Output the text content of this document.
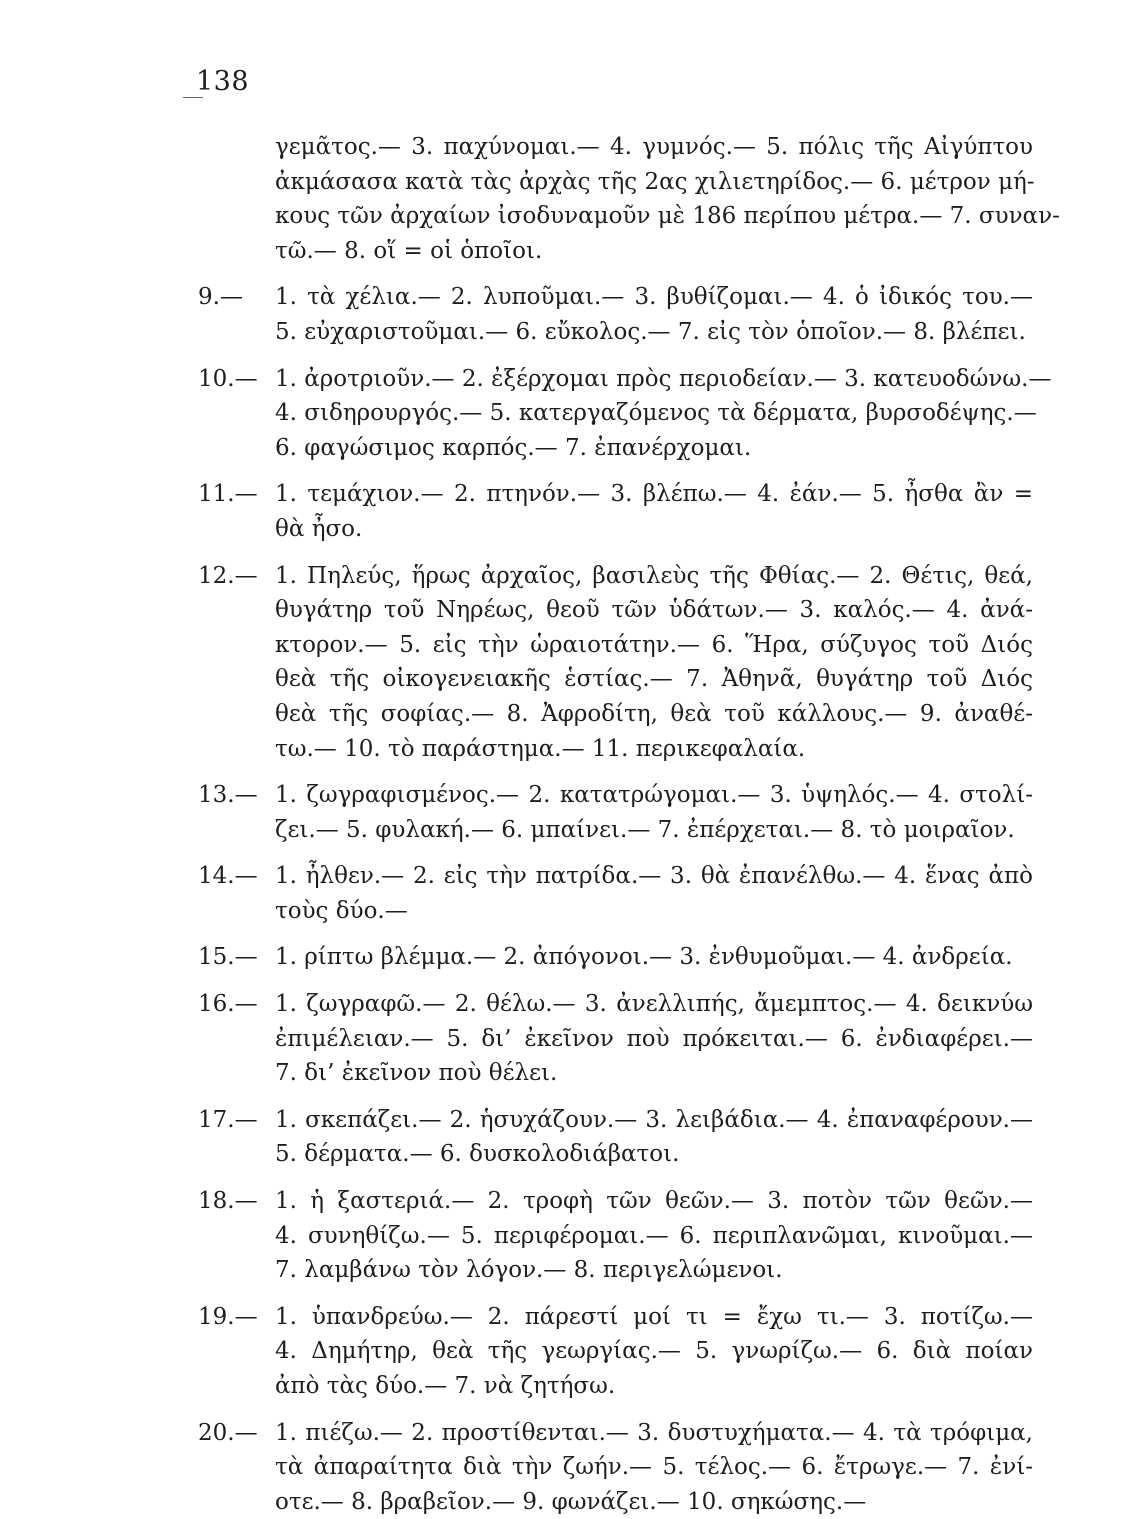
138
γεμᾶτος.— 3. παχύνομαι.— 4. γυμνός.— 5. πόλις τῆς Αἰγύπτου
ἀκμάσασα κατὰ τὰς ἀρχὰς τῆς 2ας χιλιετηρίδος.— 6. μέτρον μή-
κους τῶν ἀρχαίων ἰσοδυναμοῦν μὲ 186 περίπου μέτρα.— 7. συναν-
τῶ.— 8. οἵ = οἱ ὁποῖοι.
9.— 1. τὰ χέλια.— 2. λυποῦμαι.— 3. βυθίζομαι.— 4. ὁ ἰδικός του.—
5. εὐχαριστοῦμαι.— 6. εὔκολος.— 7. εἰς τὸν ὁποῖον.— 8. βλέπει.
10.— 1. ἀροτριοῦν.— 2. ἐξέρχομαι πρὸς περιοδείαν.— 3. κατευοδώνω.—
4. σιδηρουργός.— 5. κατεργαζόμενος τὰ δέρματα, βυρσοδέψης.—
6. φαγώσιμος καρπός.— 7. ἐπανέρχομαι.
11.— 1. τεμάχιον.— 2. πτηνόν.— 3. βλέπω.— 4. ἐάν.— 5. ἦσθα ἂν =
θὰ ἦσο.
12.— 1. Πηλεύς, ἥρως ἀρχαῖος, βασιλεὺς τῆς Φθίας.— 2. Θέτις, θεά,
θυγάτηρ τοῦ Νηρέως, θεοῦ τῶν ὑδάτων.— 3. καλός.— 4. ἀνά-
κτορον.— 5. εἰς τὴν ὡραιοτάτην.— 6. Ἥρα, σύζυγος τοῦ Διός
θεὰ τῆς οἰκογενειακῆς ἑστίας.— 7. Ἀθηνᾶ, θυγάτηρ τοῦ Διός
θεὰ τῆς σοφίας.— 8. Ἀφροδίτη, θεὰ τοῦ κάλλους.— 9. ἀναθέ-
τω.— 10. τὸ παράστημα.— 11. περικεφαλαία.
13.— 1. ζωγραφισμένος.— 2. κατατρώγομαι.— 3. ὑψηλός.— 4. στολί-
ζει.— 5. φυλακή.— 6. μπαίνει.— 7. ἐπέρχεται.— 8. τὸ μοιραῖον.
14.— 1. ἦλθεν.— 2. εἰς τὴν πατρίδα.— 3. θὰ ἐπανέλθω.— 4. ἕνας ἀπὸ
τοὺς δύο.—
15.— 1. ρίπτω βλέμμα.— 2. ἀπόγονοι.— 3. ἐνθυμοῦμαι.— 4. ἀνδρεία.
16.— 1. ζωγραφῶ.— 2. θέλω.— 3. ἀνελλιπής, ἄμεμπτος.— 4. δεικνύω
ἐπιμέλειαν.— 5. δι’ ἐκεῖνον ποὺ πρόκειται.— 6. ἐνδιαφέρει.—
7. δι’ ἐκεῖνον ποὺ θέλει.
17.— 1. σκεπάζει.— 2. ἡσυχάζουν.— 3. λειβάδια.— 4. ἐπαναφέρουν.—
5. δέρματα.— 6. δυσκολοδιάβατοι.
18.— 1. ἡ ξαστεριά.— 2. τροφὴ τῶν θεῶν.— 3. ποτὸν τῶν θεῶν.—
4. συνηθίζω.— 5. περιφέρομαι.— 6. περιπλανῶμαι, κινοῦμαι.—
7. λαμβάνω τὸν λόγον.— 8. περιγελώμενοι.
19.— 1. ὑπανδρεύω.— 2. πάρεστί μοί τι = ἔχω τι.— 3. ποτίζω.—
4. Δημήτηρ, θεὰ τῆς γεωργίας.— 5. γνωρίζω.— 6. διὰ ποίαν
ἀπὸ τὰς δύο.— 7. νὰ ζητήσω.
20.— 1. πιέζω.— 2. προστίθενται.— 3. δυστυχήματα.— 4. τὰ τρόφιμα,
τὰ ἀπαραίτητα διὰ τὴν ζωήν.— 5. τέλος.— 6. ἔτρωγε.— 7. ἐνί-
οτε.— 8. βραβεῖον.— 9. φωνάζει.— 10. σηκώσης.—
